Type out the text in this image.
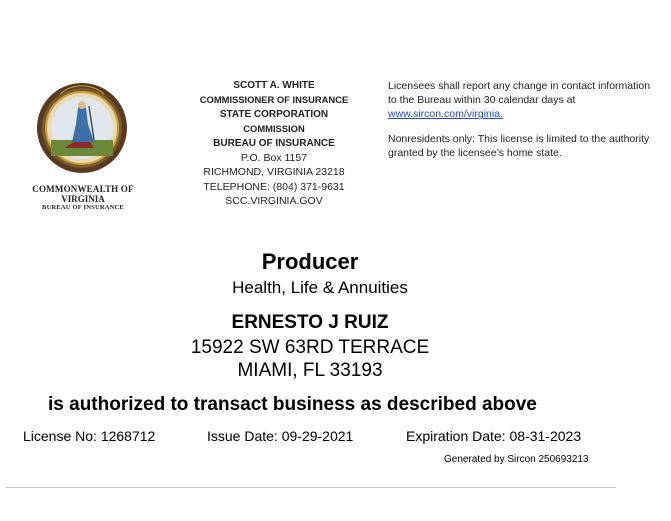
COMMONWEALTH OF
VIRGINIA
BUREAU OF INSURANCE
SCOTT A. WHITE
COMMISSIONER OF INSURANCE
STATE CORPORATION
COMMISSION
BUREAU OF INSURANCE
P.O. Box 1157
RICHMOND, VIRGINIA 23218
TELEPHONE: (804) 371-9631
SCC.VIRGINIA.GOV

Licensees shall report any change in contact information to the Bureau within 30 calendar days at www.sircon.com/virginia.

Nonresidents only: This license is limited to the authority granted by the licensee’s home state.

Producer
Health, Life & Annuities
ERNESTO J RUIZ
15922 SW 63RD TERRACE
MIAMI, FL 33193
is authorized to transact business as described above
License No: 1268712	Issue Date: 09-29-2021	Expiration Date: 08-31-2023
Generated by Sircon 250693213
